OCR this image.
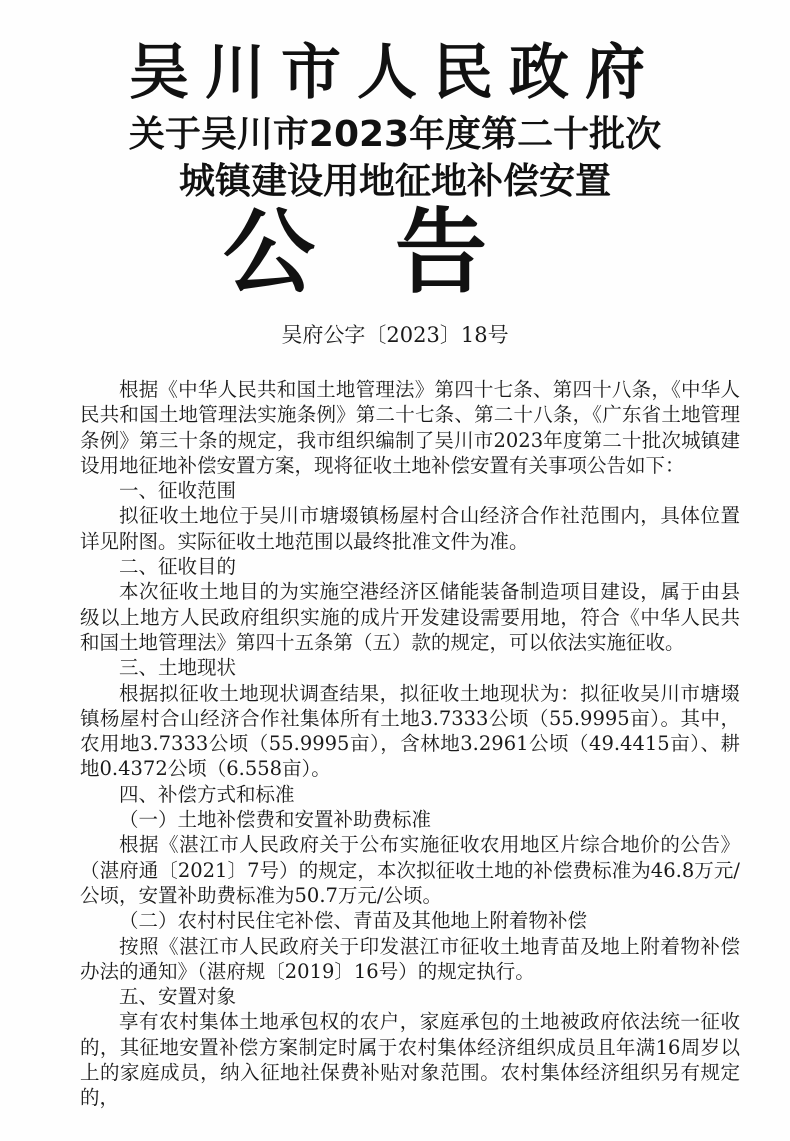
吴川市人民政府
关于吴川市2023年度第二十批次
城镇建设用地征地补偿安置
公告
吴府公字〔2023〕18号

根据《中华人民共和国土地管理法》第四十七条、第四十八条，《中华人民共和国土地管理法实施条例》第二十七条、第二十八条，《广东省土地管理条例》第三十条的规定，我市组织编制了吴川市2023年度第二十批次城镇建设用地征地补偿安置方案，现将征收土地补偿安置有关事项公告如下：

一、征收范围

拟征收土地位于吴川市塘㙍镇杨屋村合山经济合作社范围内，具体位置详见附图。实际征收土地范围以最终批准文件为准。

二、征收目的

本次征收土地目的为实施空港经济区储能装备制造项目建设，属于由县级以上地方人民政府组织实施的成片开发建设需要用地，符合《中华人民共和国土地管理法》第四十五条第（五）款的规定，可以依法实施征收。

三、土地现状

根据拟征收土地现状调查结果，拟征收土地现状为：拟征收吴川市塘㙍镇杨屋村合山经济合作社集体所有土地3.7333公顷（55.9995亩）。其中，农用地3.7333公顷（55.9995亩），含林地3.2961公顷（49.4415亩）、耕地0.4372公顷（6.558亩）。

四、补偿方式和标准

（一）土地补偿费和安置补助费标准

根据《湛江市人民政府关于公布实施征收农用地区片综合地价的公告》（湛府通〔2021〕7号）的规定，本次拟征收土地的补偿费标准为46.8万元/公顷，安置补助费标准为50.7万元/公顷。

（二）农村村民住宅补偿、青苗及其他地上附着物补偿

按照《湛江市人民政府关于印发湛江市征收土地青苗及地上附着物补偿办法的通知》（湛府规〔2019〕16号）的规定执行。

五、安置对象

享有农村集体土地承包权的农户，家庭承包的土地被政府依法统一征收的，其征地安置补偿方案制定时属于农村集体经济组织成员且年满16周岁以上的家庭成员，纳入征地社保费补贴对象范围。农村集体经济组织另有规定的，
